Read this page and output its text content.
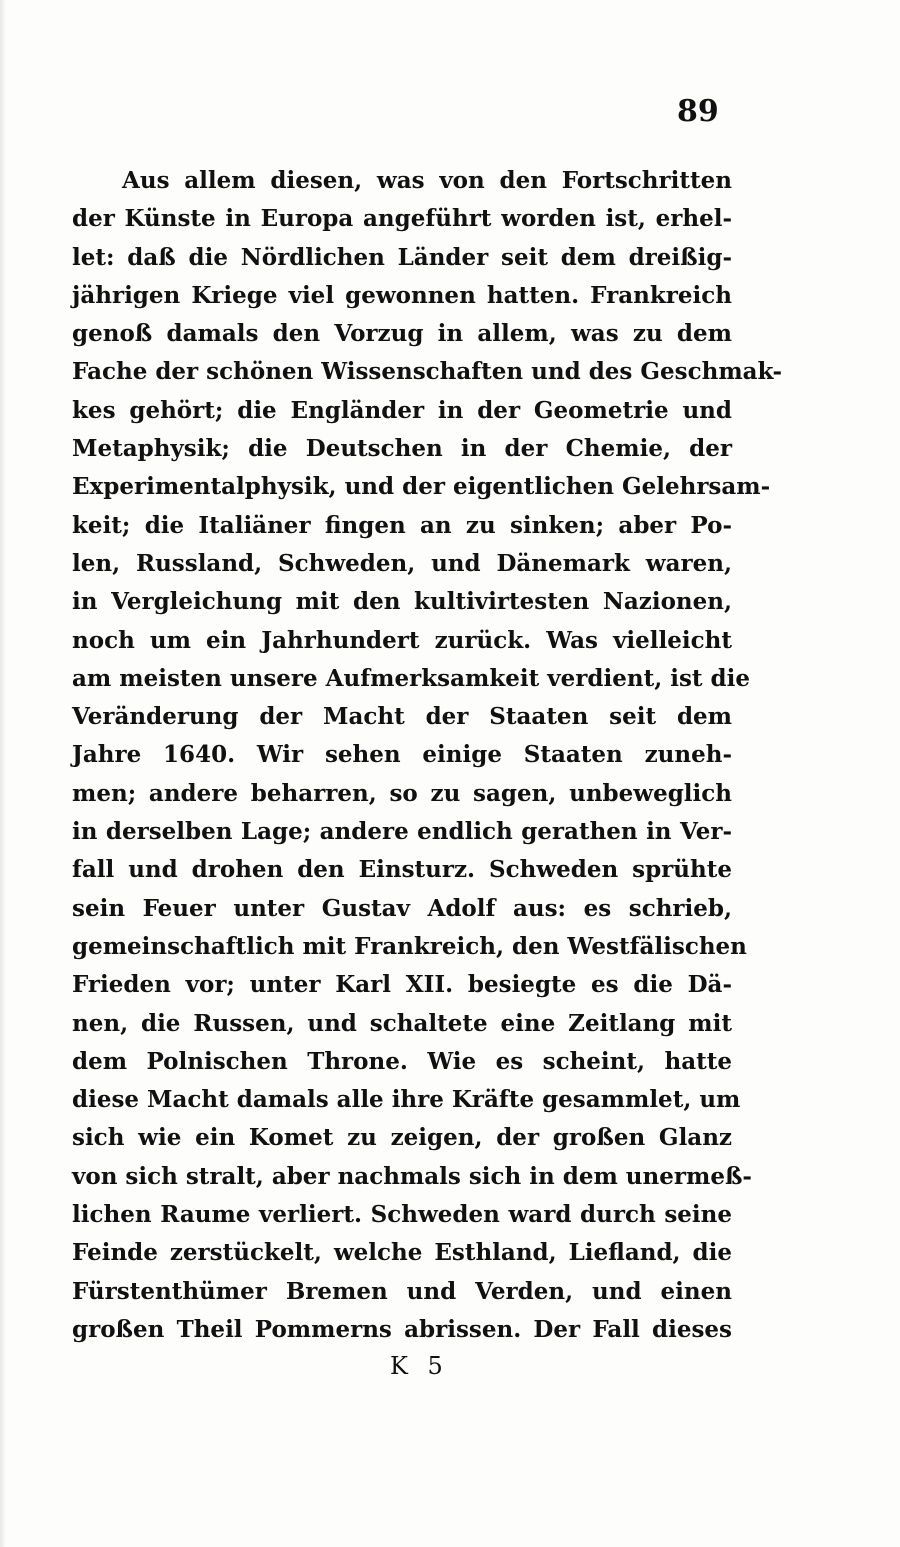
89

Aus allem diesen, was von den Fortschritten
der Künste in Europa angeführt worden ist, erhel-
let: daß die Nördlichen Länder seit dem dreißig-
jährigen Kriege viel gewonnen hatten. Frankreich
genoß damals den Vorzug in allem, was zu dem
Fache der schönen Wissenschaften und des Geschmak-
kes gehört; die Engländer in der Geometrie und
Metaphysik; die Deutschen in der Chemie, der
Experimentalphysik, und der eigentlichen Gelehrsam-
keit; die Italiäner fingen an zu sinken; aber Po-
len, Russland, Schweden, und Dänemark waren,
in Vergleichung mit den kultivirtesten Nazionen,
noch um ein Jahrhundert zurück. Was vielleicht
am meisten unsere Aufmerksamkeit verdient, ist die
Veränderung der Macht der Staaten seit dem
Jahre 1640. Wir sehen einige Staaten zuneh-
men; andere beharren, so zu sagen, unbeweglich
in derselben Lage; andere endlich gerathen in Ver-
fall und drohen den Einsturz. Schweden sprühte
sein Feuer unter Gustav Adolf aus: es schrieb,
gemeinschaftlich mit Frankreich, den Westfälischen
Frieden vor; unter Karl XII. besiegte es die Dä-
nen, die Russen, und schaltete eine Zeitlang mit
dem Polnischen Throne. Wie es scheint, hatte
diese Macht damals alle ihre Kräfte gesammlet, um
sich wie ein Komet zu zeigen, der großen Glanz
von sich stralt, aber nachmals sich in dem unermeß-
lichen Raume verliert. Schweden ward durch seine
Feinde zerstückelt, welche Esthland, Liefland, die
Fürstenthümer Bremen und Verden, und einen
großen Theil Pommerns abrissen. Der Fall dieses

K 5
